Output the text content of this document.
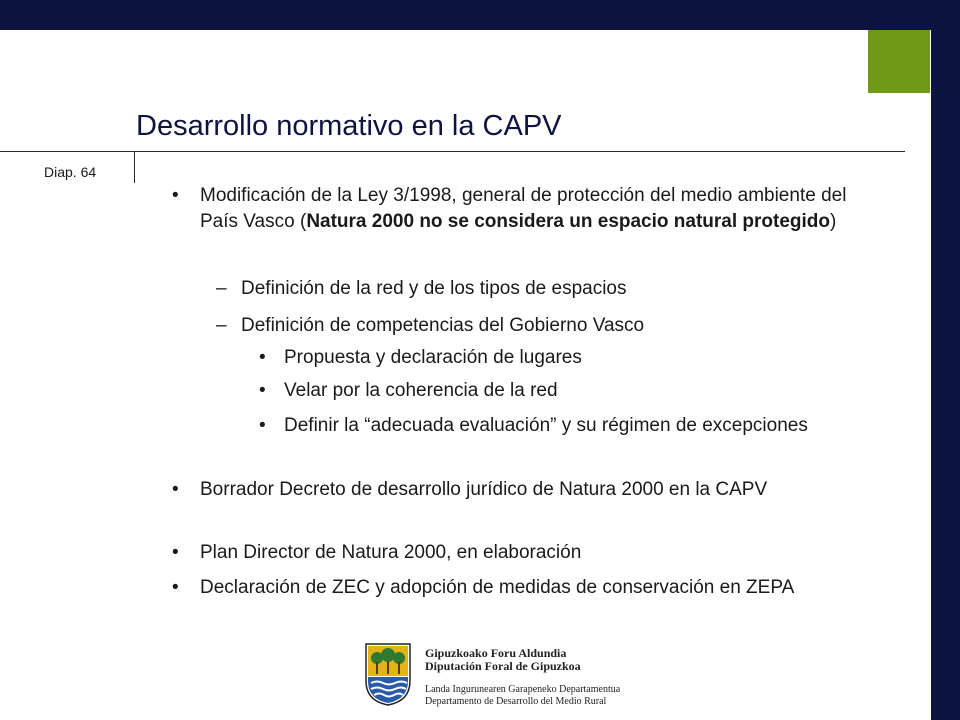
Desarrollo normativo en la CAPV
Diap. 64
• Modificación de la Ley 3/1998, general de protección del medio ambiente del País Vasco (Natura 2000 no se considera un espacio natural protegido)
– Definición de la red y de los tipos de espacios
– Definición de competencias del Gobierno Vasco
• Propuesta y declaración de lugares
• Velar por la coherencia de la red
• Definir la “adecuada evaluación” y su régimen de excepciones
• Borrador Decreto de desarrollo jurídico de Natura 2000 en la CAPV
• Plan Director de Natura 2000, en elaboración
• Declaración de ZEC y adopción de medidas de conservación en ZEPA
Gipuzkoako Foru Aldundia
Diputación Foral de Gipuzkoa
Landa Ingurunearen Garapeneko Departamentua
Departamento de Desarrollo del Medio Rural
